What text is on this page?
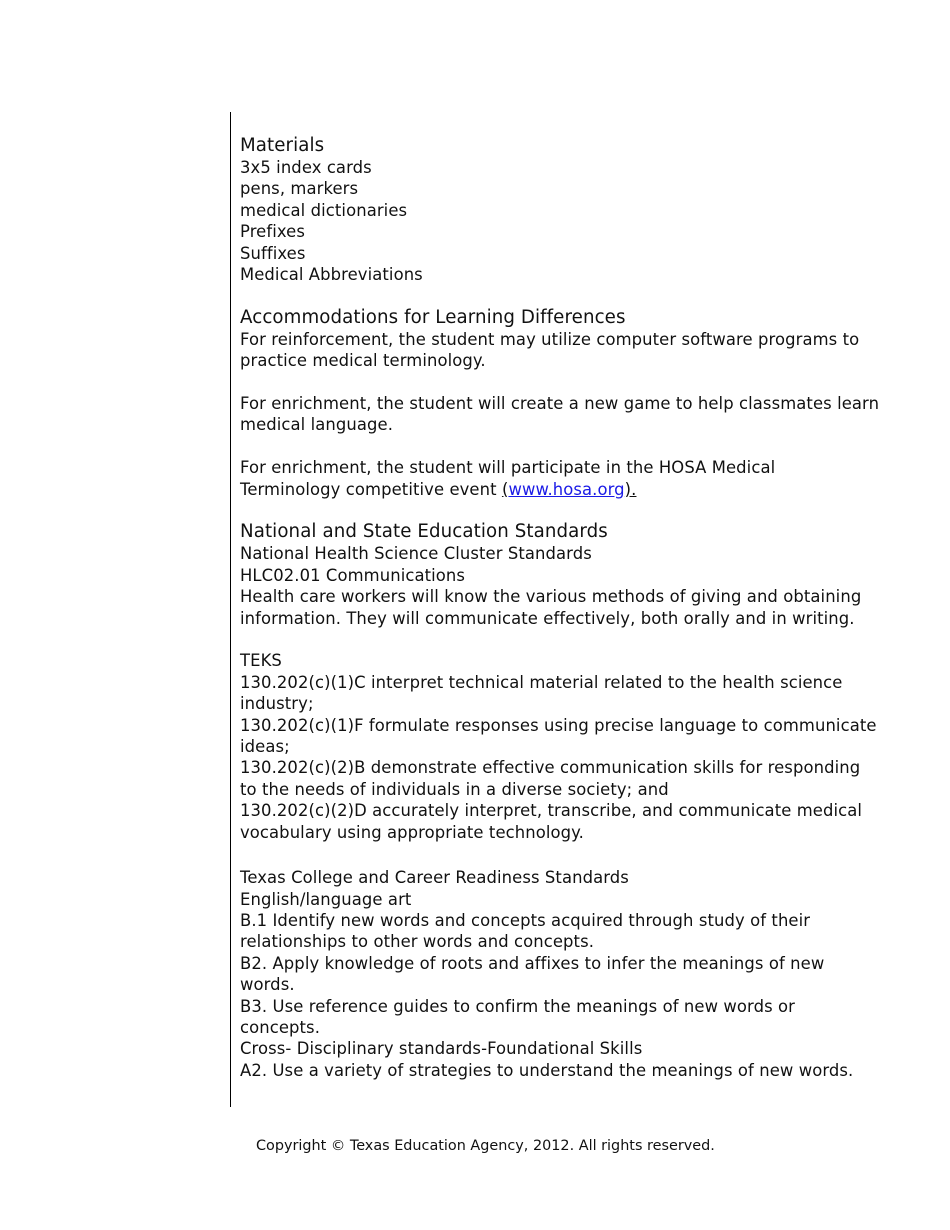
Materials
3x5 index cards
pens, markers
medical dictionaries
Prefixes
Suffixes
Medical Abbreviations
Accommodations for Learning Differences
For reinforcement, the student may utilize computer software programs to practice medical terminology.
For enrichment, the student will create a new game to help classmates learn medical language.
For enrichment, the student will participate in the HOSA Medical Terminology competitive event (www.hosa.org).
National and State Education Standards
National Health Science Cluster Standards
HLC02.01 Communications
Health care workers will know the various methods of giving and obtaining information. They will communicate effectively, both orally and in writing.
TEKS
130.202(c)(1)C interpret technical material related to the health science industry;
130.202(c)(1)F formulate responses using precise language to communicate ideas;
130.202(c)(2)B demonstrate effective communication skills for responding to the needs of individuals in a diverse society; and
130.202(c)(2)D accurately interpret, transcribe, and communicate medical vocabulary using appropriate technology.
Texas College and Career Readiness Standards
English/language art
B.1 Identify new words and concepts acquired through study of their relationships to other words and concepts.
B2. Apply knowledge of roots and affixes to infer the meanings of new words.
B3. Use reference guides to confirm the meanings of new words or concepts.
Cross- Disciplinary standards-Foundational Skills
A2. Use a variety of strategies to understand the meanings of new words.
Copyright © Texas Education Agency, 2012. All rights reserved.
